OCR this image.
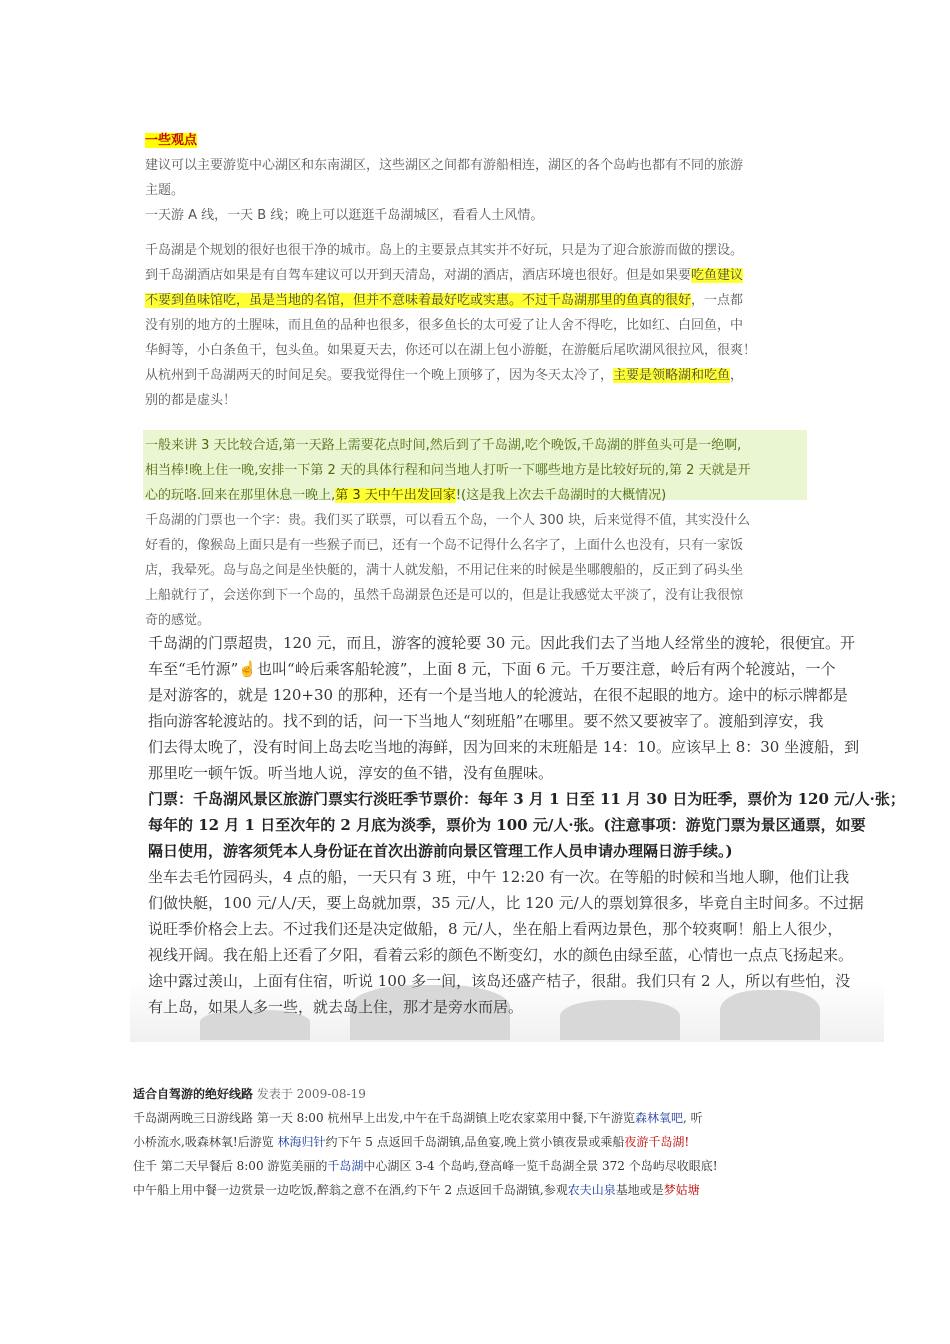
一些观点
建议可以主要游览中心湖区和东南湖区，这些湖区之间都有游船相连，湖区的各个岛屿也都有不同的旅游
主题。
一天游 A 线，一天 B 线；晚上可以逛逛千岛湖城区，看看人土风情。
千岛湖是个规划的很好也很干净的城市。岛上的主要景点其实并不好玩，只是为了迎合旅游而做的摆设。
到千岛湖酒店如果是有自驾车建议可以开到天清岛，对湖的酒店，酒店环境也很好。但是如果要吃鱼建议
不要到鱼味馆吃，虽是当地的名馆，但并不意味着最好吃或实惠。不过千岛湖那里的鱼真的很好，一点都
没有别的地方的土腥味，而且鱼的品种也很多，很多鱼长的太可爱了让人舍不得吃，比如红、白回鱼，中
华鲟等，小白条鱼干，包头鱼。如果夏天去，你还可以在湖上包小游艇，在游艇后尾吹湖风很拉风，很爽！
从杭州到千岛湖两天的时间足矣。要我觉得住一个晚上顶够了，因为冬天太冷了，主要是领略湖和吃鱼，
别的都是虚头！
一般来讲 3 天比较合适,第一天路上需要花点时间,然后到了千岛湖,吃个晚饭,千岛湖的胖鱼头可是一绝啊,
相当棒!晚上住一晚,安排一下第 2 天的具体行程和问当地人打听一下哪些地方是比较好玩的,第 2 天就是开
心的玩咯.回来在那里休息一晚上,第 3 天中午出发回家!(这是我上次去千岛湖时的大概情况)
千岛湖的门票也一个字：贵。我们买了联票，可以看五个岛，一个人 300 块，后来觉得不值，其实没什么
好看的，像猴岛上面只是有一些猴子而已，还有一个岛不记得什么名字了，上面什么也没有，只有一家饭
店，我晕死。岛与岛之间是坐快艇的，满十人就发船，不用记住来的时候是坐哪艘船的，反正到了码头坐
上船就行了，会送你到下一个岛的，虽然千岛湖景色还是可以的，但是让我感觉太平淡了，没有让我很惊
奇的感觉。
千岛湖的门票超贵，120 元，而且，游客的渡轮要 30 元。因此我们去了当地人经常坐的渡轮，很便宜。开
车至“毛竹源”☝也叫“岭后乘客船轮渡”，上面 8 元，下面 6 元。千万要注意，岭后有两个轮渡站，一个
是对游客的，就是 120+30 的那种，还有一个是当地人的轮渡站，在很不起眼的地方。途中的标示牌都是
指向游客轮渡站的。找不到的话，问一下当地人“刻班船”在哪里。要不然又要被宰了。渡船到淳安，我
们去得太晚了，没有时间上岛去吃当地的海鲜，因为回来的末班船是 14：10。应该早上 8：30 坐渡船，到
那里吃一顿午饭。听当地人说，淳安的鱼不错，没有鱼腥味。
门票：千岛湖风景区旅游门票实行淡旺季节票价：每年 3 月 1 日至 11 月 30 日为旺季，票价为 120 元/人·张；
每年的 12 月 1 日至次年的 2 月底为淡季，票价为 100 元/人·张。(注意事项：游览门票为景区通票，如要
隔日使用，游客须凭本人身份证在首次出游前向景区管理工作人员申请办理隔日游手续。)
坐车去毛竹园码头，4 点的船，一天只有 3 班，中午 12:20 有一次。在等船的时候和当地人聊，他们让我
们做快艇，100 元/人/天，要上岛就加票，35 元/人，比 120 元/人的票划算很多，毕竟自主时间多。不过据
说旺季价格会上去。不过我们还是决定做船，8 元/人，坐在船上看两边景色，那个较爽啊！船上人很少，
视线开阔。我在船上还看了夕阳，看着云彩的颜色不断变幻，水的颜色由绿至蓝，心情也一点点飞扬起来。
途中露过羡山，上面有住宿，听说 100 多一间，该岛还盛产桔子，很甜。我们只有 2 人，所以有些怕，没
有上岛，如果人多一些，就去岛上住，那才是旁水而居。
适合自驾游的绝好线路 发表于 2009-08-19
千岛湖两晚三日游线路 第一天 8:00 杭州早上出发,中午在千岛湖镇上吃农家菜用中餐,下午游览森林氧吧, 听
小桥流水,吸森林氧!后游览 林海归针约下午 5 点返回千岛湖镇,品鱼宴,晚上赏小镇夜景或乘船夜游千岛湖!
住千 第二天早餐后 8:00 游览美丽的千岛湖中心湖区 3-4 个岛屿,登高峰一览千岛湖全景 372 个岛屿尽收眼底!
中午船上用中餐一边赏景一边吃饭,醉翁之意不在酒,约下午 2 点返回千岛湖镇,参观农夫山泉基地或是梦姑塘
